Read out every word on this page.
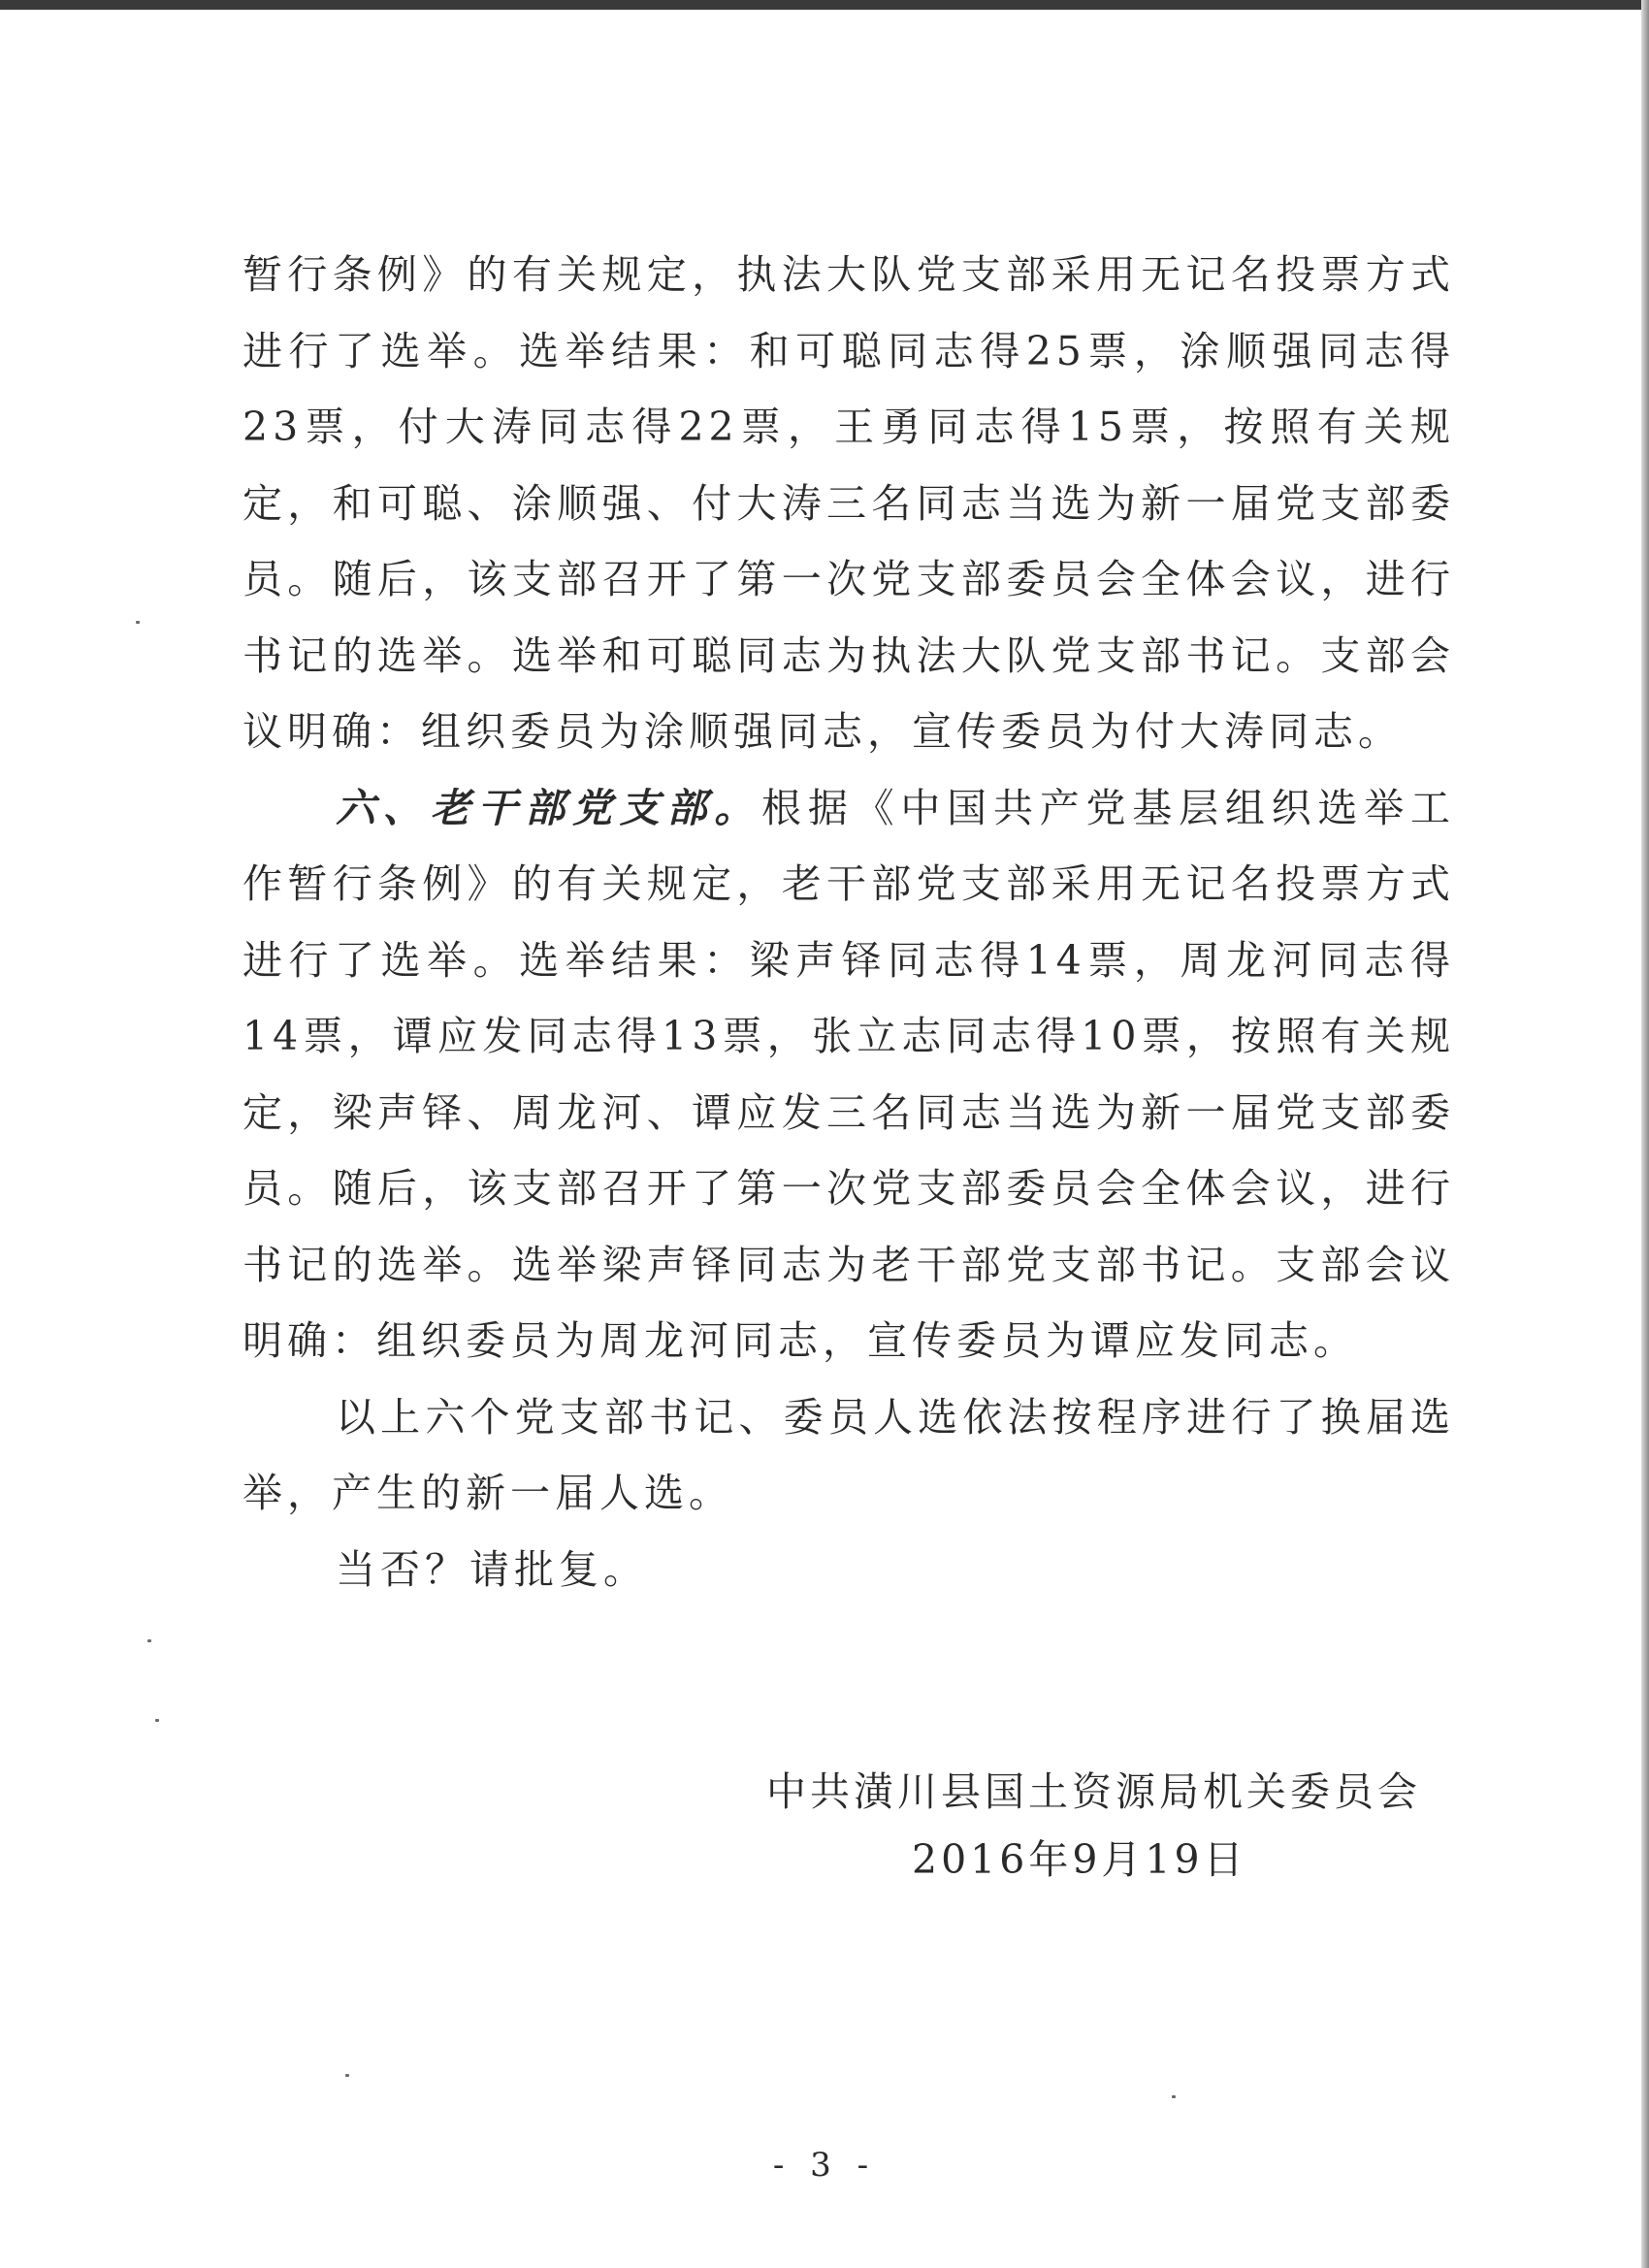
暂行条例》的有关规定，执法大队党支部采用无记名投票方式进行了选举。选举结果：和可聪同志得25票，涂顺强同志得23票，付大涛同志得22票，王勇同志得15票，按照有关规定，和可聪、涂顺强、付大涛三名同志当选为新一届党支部委员。随后，该支部召开了第一次党支部委员会全体会议，进行书记的选举。选举和可聪同志为执法大队党支部书记。支部会议明确：组织委员为涂顺强同志，宣传委员为付大涛同志。

六、老干部党支部。根据《中国共产党基层组织选举工作暂行条例》的有关规定，老干部党支部采用无记名投票方式进行了选举。选举结果：梁声铎同志得14票，周龙河同志得14票，谭应发同志得13票，张立志同志得10票，按照有关规定，梁声铎、周龙河、谭应发三名同志当选为新一届党支部委员。随后，该支部召开了第一次党支部委员会全体会议，进行书记的选举。选举梁声铎同志为老干部党支部书记。支部会议明确：组织委员为周龙河同志，宣传委员为谭应发同志。

以上六个党支部书记、委员人选依法按程序进行了换届选举，产生的新一届人选。

当否？请批复。

中共潢川县国土资源局机关委员会
2016年9月19日
- 3 -
